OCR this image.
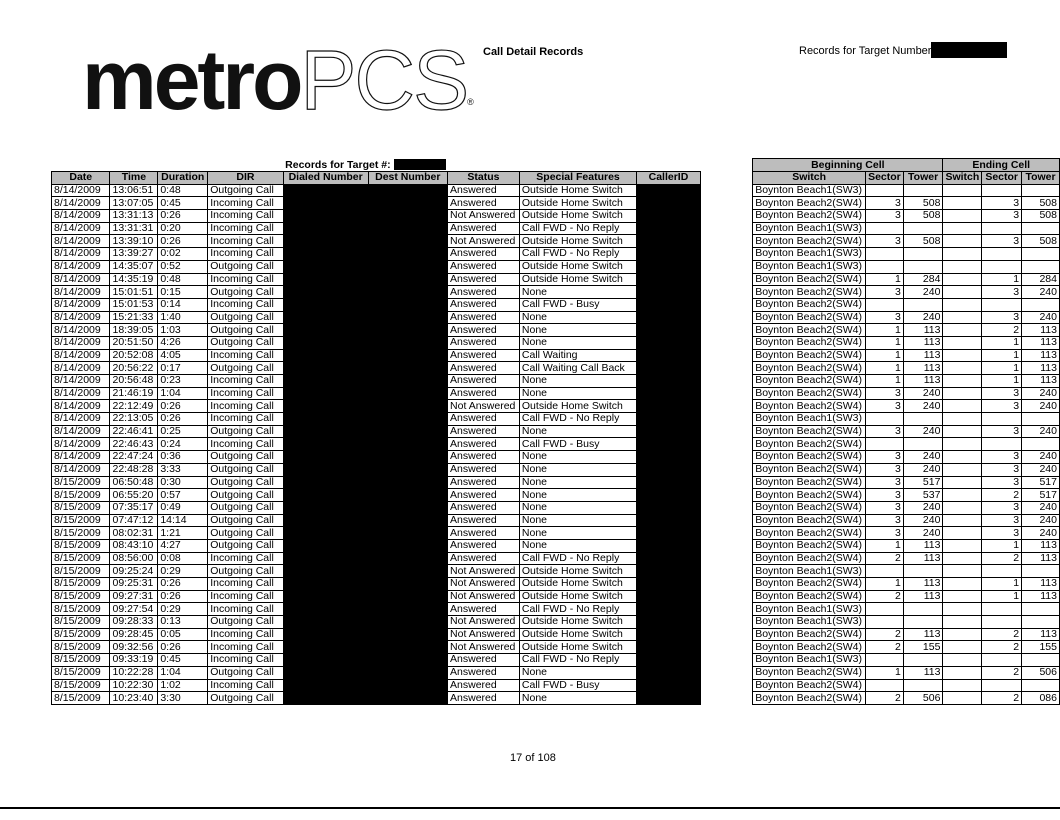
metroPCS®
Call Detail Records	Records for Target Number
				Records for Target #:						Beginning Cell			Ending Cell		
Date	Time	Duration	DIR	Dialed Number	Dest Number	Status	Special Features	CallerID		Switch	Sector	Tower	Switch	Sector	Tower
8/14/2009	13:06:51	0:48	Outgoing Call			Answered	Outside Home Switch			Boynton Beach1(SW3)					
8/14/2009	13:07:05	0:45	Incoming Call			Answered	Outside Home Switch			Boynton Beach2(SW4)	3	508		3	508
8/14/2009	13:31:13	0:26	Incoming Call			Not Answered	Outside Home Switch			Boynton Beach2(SW4)	3	508		3	508
8/14/2009	13:31:31	0:20	Incoming Call			Answered	Call FWD - No Reply			Boynton Beach1(SW3)					
8/14/2009	13:39:10	0:26	Incoming Call			Not Answered	Outside Home Switch			Boynton Beach2(SW4)	3	508		3	508
8/14/2009	13:39:27	0:02	Incoming Call			Answered	Call FWD - No Reply			Boynton Beach1(SW3)					
8/14/2009	14:35:07	0:52	Outgoing Call			Answered	Outside Home Switch			Boynton Beach1(SW3)					
8/14/2009	14:35:19	0:48	Incoming Call			Answered	Outside Home Switch			Boynton Beach2(SW4)	1	284		1	284
8/14/2009	15:01:51	0:15	Outgoing Call			Answered	None			Boynton Beach2(SW4)	3	240		3	240
8/14/2009	15:01:53	0:14	Incoming Call			Answered	Call FWD - Busy			Boynton Beach2(SW4)					
8/14/2009	15:21:33	1:40	Outgoing Call			Answered	None			Boynton Beach2(SW4)	3	240		3	240
8/14/2009	18:39:05	1:03	Outgoing Call			Answered	None			Boynton Beach2(SW4)	1	113		2	113
8/14/2009	20:51:50	4:26	Outgoing Call			Answered	None			Boynton Beach2(SW4)	1	113		1	113
8/14/2009	20:52:08	4:05	Incoming Call			Answered	Call Waiting			Boynton Beach2(SW4)	1	113		1	113
8/14/2009	20:56:22	0:17	Outgoing Call			Answered	Call Waiting Call Back			Boynton Beach2(SW4)	1	113		1	113
8/14/2009	20:56:48	0:23	Incoming Call			Answered	None			Boynton Beach2(SW4)	1	113		1	113
8/14/2009	21:46:19	1:04	Incoming Call			Answered	None			Boynton Beach2(SW4)	3	240		3	240
8/14/2009	22:12:49	0:26	Incoming Call			Not Answered	Outside Home Switch			Boynton Beach2(SW4)	3	240		3	240
8/14/2009	22:13:05	0:26	Incoming Call			Answered	Call FWD - No Reply			Boynton Beach1(SW3)					
8/14/2009	22:46:41	0:25	Outgoing Call			Answered	None			Boynton Beach2(SW4)	3	240		3	240
8/14/2009	22:46:43	0:24	Incoming Call			Answered	Call FWD - Busy			Boynton Beach2(SW4)					
8/14/2009	22:47:24	0:36	Outgoing Call			Answered	None			Boynton Beach2(SW4)	3	240		3	240
8/14/2009	22:48:28	3:33	Outgoing Call			Answered	None			Boynton Beach2(SW4)	3	240		3	240
8/15/2009	06:50:48	0:30	Outgoing Call			Answered	None			Boynton Beach2(SW4)	3	517		3	517
8/15/2009	06:55:20	0:57	Outgoing Call			Answered	None			Boynton Beach2(SW4)	3	537		2	517
8/15/2009	07:35:17	0:49	Outgoing Call			Answered	None			Boynton Beach2(SW4)	3	240		3	240
8/15/2009	07:47:12	14:14	Outgoing Call			Answered	None			Boynton Beach2(SW4)	3	240		3	240
8/15/2009	08:02:31	1:21	Outgoing Call			Answered	None			Boynton Beach2(SW4)	3	240		3	240
8/15/2009	08:43:10	4:27	Outgoing Call			Answered	None			Boynton Beach2(SW4)	1	113		1	113
8/15/2009	08:56:00	0:08	Incoming Call			Answered	Call FWD - No Reply			Boynton Beach2(SW4)	2	113		2	113
8/15/2009	09:25:24	0:29	Outgoing Call			Not Answered	Outside Home Switch			Boynton Beach1(SW3)					
8/15/2009	09:25:31	0:26	Incoming Call			Not Answered	Outside Home Switch			Boynton Beach2(SW4)	1	113		1	113
8/15/2009	09:27:31	0:26	Incoming Call			Not Answered	Outside Home Switch			Boynton Beach2(SW4)	2	113		1	113
8/15/2009	09:27:54	0:29	Incoming Call			Answered	Call FWD - No Reply			Boynton Beach1(SW3)					
8/15/2009	09:28:33	0:13	Outgoing Call			Not Answered	Outside Home Switch			Boynton Beach1(SW3)					
8/15/2009	09:28:45	0:05	Incoming Call			Not Answered	Outside Home Switch			Boynton Beach2(SW4)	2	113		2	113
8/15/2009	09:32:56	0:26	Incoming Call			Not Answered	Outside Home Switch			Boynton Beach2(SW4)	2	155		2	155
8/15/2009	09:33:19	0:45	Incoming Call			Answered	Call FWD - No Reply			Boynton Beach1(SW3)					
8/15/2009	10:22:28	1:04	Outgoing Call			Answered	None			Boynton Beach2(SW4)	1	113		2	506
8/15/2009	10:22:30	1:02	Incoming Call			Answered	Call FWD - Busy			Boynton Beach2(SW4)					
8/15/2009	10:23:40	3:30	Outgoing Call			Answered	None			Boynton Beach2(SW4)	2	506		2	086
17 of 108
